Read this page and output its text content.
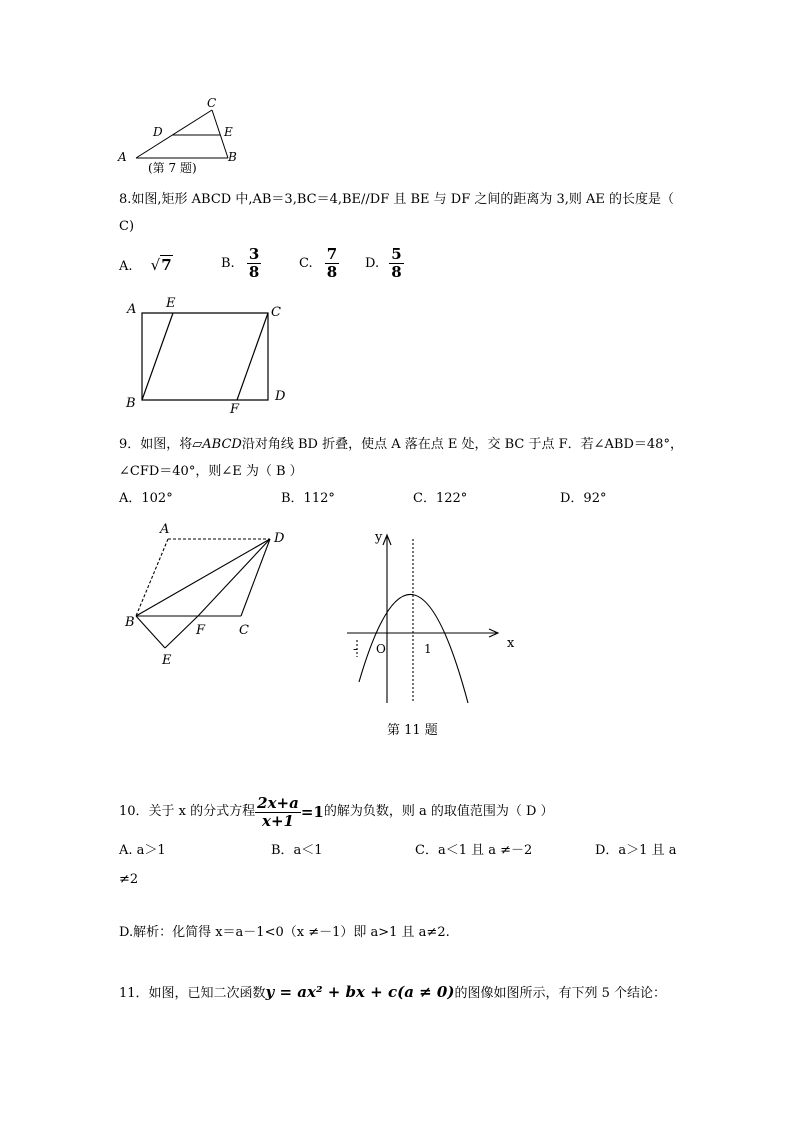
C
D	E
A	B
(第 7 题)
8.如图,矩形 ABCD 中,AB＝3,BC＝4,BE//DF 且 BE 与 DF 之间的距离为 3,则 AE 的长度是（
C)
A. √7	B. $\frac{3}{8}$	C. $\frac{7}{8} D$. $\frac{5}{8}$
A E
C
B	F
D
9．如图，将▱ABCD沿对角线 BD 折叠，使点 A 落在点 E 处，交 BC 于点 F．若∠ABD＝48°，
∠CFD＝40°，则∠E 为（ B ）
A．102°	B．112°	C．122°	D．92°
A
D
B
F	C
E
y
x
- O	1
第 11 题
10．关于 x 的分式方程 $\frac{2x+a}{x+1} =1$的解为负数，则 a 的取值范围为（ D ）
A. a＞1	B．a＜1	C．a＜1 且 a ≠－2	D．a＞1 且 a
≠2
D.解析：化简得 x＝a－1<0（x ≠－1）即 a>1 且 a≠2.
11．如图，已知二次函数y = ax² + bx + c(a ≠ 0)的图像如图所示，有下列 5 个结论：
